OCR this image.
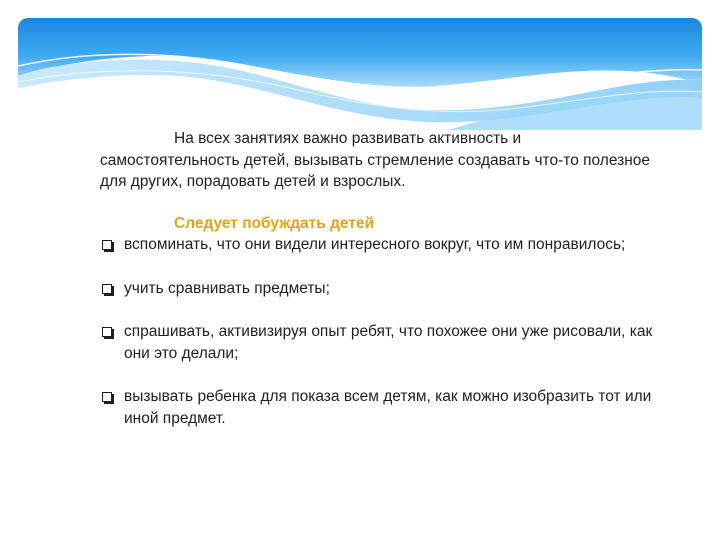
На всех занятиях важно развивать активность и самостоятельность детей, вызывать стремление создавать что-то полезное для других, порадовать детей и взрослых.

Следует побуждать детей

вспоминать, что они видели интересного вокруг, что им понравилось;
учить сравнивать предметы;
спрашивать, активизируя опыт ребят, что похожее они уже рисовали, как они это делали;
вызывать ребенка для показа всем детям, как можно изобразить тот или иной предмет.
